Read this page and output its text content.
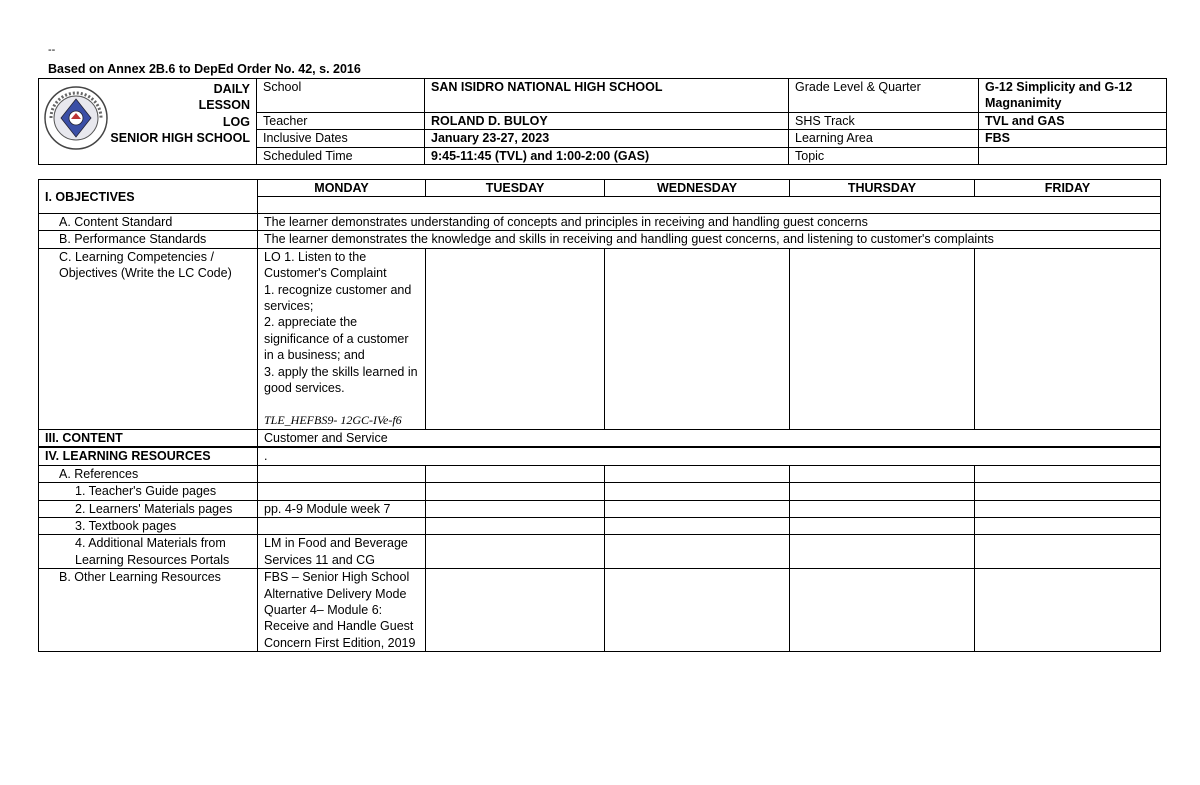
--
Based on Annex 2B.6 to DepEd Order No. 42, s. 2016
DAILY
LESSON
LOG
SENIOR HIGH SCHOOL	School	SAN ISIDRO NATIONAL HIGH SCHOOL	Grade Level & Quarter	G-12 Simplicity and G-12 Magnanimity
	Teacher	ROLAND D. BULOY	SHS Track	TVL and GAS
	Inclusive Dates	January 23-27, 2023	Learning Area	FBS
	Scheduled Time	9:45-11:45 (TVL) and 1:00-2:00 (GAS)	Topic	
I. OBJECTIVES	MONDAY	TUESDAY	WEDNESDAY	THURSDAY	FRIDAY

A. Content Standard	The learner demonstrates understanding of concepts and principles in receiving and handling guest concerns				
B. Performance Standards	The learner demonstrates the knowledge and skills in receiving and handling guest concerns, and listening to customer's complaints				
C. Learning Competencies / Objectives (Write the LC Code)	LO 1. Listen to the Customer's Complaint
1. recognize customer and services;
2. appreciate the significance of a customer in a business; and
3. apply the skills learned in good services.
TLE_HEFBS9- 12GC-IVe-f6				

III. CONTENT	Customer and Service				
IV. LEARNING RESOURCES	.				
A. References					
1. Teacher's Guide pages					
2. Learners' Materials pages	pp. 4-9 Module week 7				
3. Textbook pages					
4. Additional Materials from Learning Resources Portals	LM in Food and Beverage Services 11 and CG				
B. Other Learning Resources	FBS – Senior High School Alternative Delivery Mode Quarter 4– Module 6: Receive and Handle Guest Concern First Edition, 2019				
